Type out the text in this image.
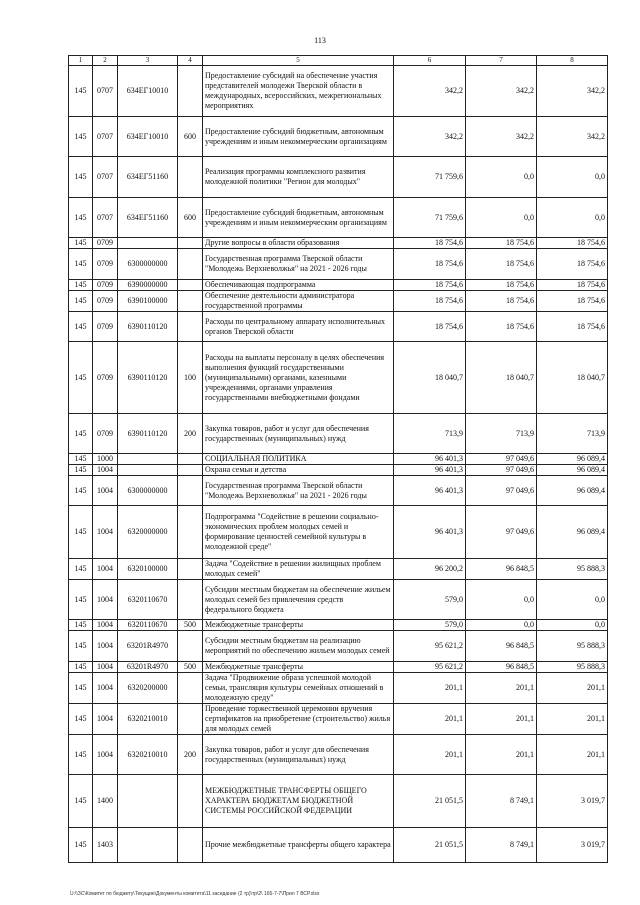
113
1	2	3	4	5	6	7	8
145	0707	634ЕГ10010		Предоставление субсидий на обеспечение участия представителей молодежи Тверской области в международных, всероссийских, межрегиональных мероприятиях	342,2	342,2	342,2
145	0707	634ЕГ10010	600	Предоставление субсидий бюджетным, автономным учреждениям и иным некоммерческим организациям	342,2	342,2	342,2
145	0707	634ЕГ51160		Реализация программы комплексного развития молодежной политики "Регион для молодых"	71 759,6	0,0	0,0
145	0707	634ЕГ51160	600	Предоставление субсидий бюджетным, автономным учреждениям и иным некоммерческим организациям	71 759,6	0,0	0,0
145	0709			Другие вопросы в области образования	18 754,6	18 754,6	18 754,6
145	0709	6300000000		Государственная программа Тверской области "Молодежь Верхневолжья" на 2021 - 2026 годы	18 754,6	18 754,6	18 754,6
145	0709	6390000000		Обеспечивающая подпрограмма	18 754,6	18 754,6	18 754,6
145	0709	6390100000		Обеспечение деятельности администратора государственной программы	18 754,6	18 754,6	18 754,6
145	0709	6390110120		Расходы по центральному аппарату исполнительных органов Тверской области	18 754,6	18 754,6	18 754,6
145	0709	6390110120	100	Расходы на выплаты персоналу в целях обеспечения выполнения функций государственными (муниципальными) органами, казенными учреждениями, органами управления государственными внебюджетными фондами	18 040,7	18 040,7	18 040,7
145	0709	6390110120	200	Закупка товаров, работ и услуг для обеспечения государственных (муниципальных) нужд	713,9	713,9	713,9
145	1000			СОЦИАЛЬНАЯ ПОЛИТИКА	96 401,3	97 049,6	96 089,4
145	1004			Охрана семьи и детства	96 401,3	97 049,6	96 089,4
145	1004	6300000000		Государственная программа Тверской области "Молодежь Верхневолжья" на 2021 - 2026 годы	96 401,3	97 049,6	96 089,4
145	1004	6320000000		Подпрограмма "Содействие в решении социально-экономических проблем молодых семей и формирование ценностей семейной культуры в молодежной среде"	96 401,3	97 049,6	96 089,4
145	1004	6320100000		Задача "Содействие в решении жилищных проблем молодых семей"	96 200,2	96 848,5	95 888,3
145	1004	6320110670		Субсидии местным бюджетам на обеспечение жильем молодых семей без привлечения средств федерального бюджета	579,0	0,0	0,0
145	1004	6320110670	500	Межбюджетные трансферты	579,0	0,0	0,0
145	1004	63201R4970		Субсидии местным бюджетам на реализацию мероприятий по обеспечению жильем молодых семей	95 621,2	96 848,5	95 888,3
145	1004	63201R4970	500	Межбюджетные трансферты	95 621,2	96 848,5	95 888,3
145	1004	6320200000		Задача "Продвижение образа успешной молодой семьи, трансляция культуры семейных отношений в молодежную среду"	201,1	201,1	201,1
145	1004	6320210010		Проведение торжественной церемонии вручения сертификатов на приобретение (строительство) жилья для молодых семей	201,1	201,1	201,1
145	1004	6320210010	200	Закупка товаров, работ и услуг для обеспечения государственных (муниципальных) нужд	201,1	201,1	201,1
145	1400			МЕЖБЮДЖЕТНЫЕ ТРАНСФЕРТЫ ОБЩЕГО ХАРАКТЕРА БЮДЖЕТАМ БЮДЖЕТНОЙ СИСТЕМЫ РОССИЙСКОЙ ФЕДЕРАЦИИ	21 051,5	8 749,1	3 019,7
145	1403			Прочие межбюджетные трансферты общего характера	21 051,5	8 749,1	3 019,7
U:\\ЗС\Комитет по бюджету\Текущие\Документы комитета\11 заседание (2 тр)\тр\2\ 165-7-7\Прил 7 ВСР.xlsx
